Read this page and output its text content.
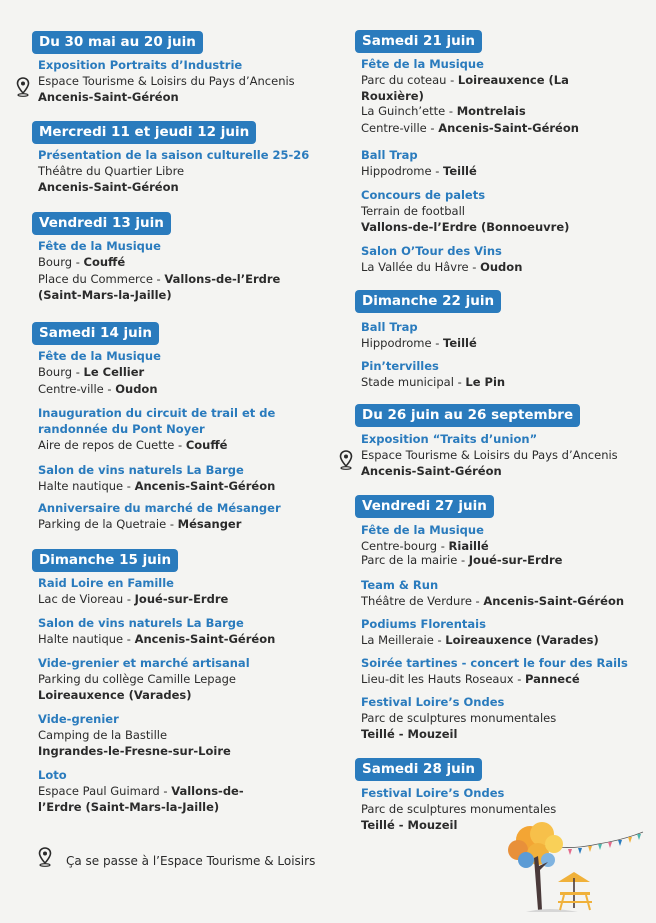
Du 30 mai au 20 juin
Exposition Portraits d’Industrie
Espace Tourisme & Loisirs du Pays d’Ancenis
Ancenis-Saint-Géréon
Mercredi 11 et jeudi 12 juin
Présentation de la saison culturelle 25-26
Théâtre du Quartier Libre
Ancenis-Saint-Géréon
Vendredi 13 juin
Fête de la Musique
Bourg - Couffé
Place du Commerce - Vallons-de-l’Erdre (Saint-Mars-la-Jaille)
Samedi 14 juin
Fête de la Musique
Bourg - Le Cellier
Centre-ville - Oudon
Inauguration du circuit de trail et de randonnée du Pont Noyer
Aire de repos de Cuette - Couffé
Salon de vins naturels La Barge
Halte nautique - Ancenis-Saint-Géréon
Anniversaire du marché de Mésanger
Parking de la Quetraie - Mésanger
Dimanche 15 juin
Raid Loire en Famille
Lac de Vioreau - Joué-sur-Erdre
Salon de vins naturels La Barge
Halte nautique - Ancenis-Saint-Géréon
Vide-grenier et marché artisanal
Parking du collège Camille Lepage
Loireauxence (Varades)
Vide-grenier
Camping de la Bastille
Ingrandes-le-Fresne-sur-Loire
Loto
Espace Paul Guimard - Vallons-de-l’Erdre (Saint-Mars-la-Jaille)
Samedi 21 juin
Fête de la Musique
Parc du coteau - Loireauxence (La Rouxière)
La Guinch’ette - Montrelais
Centre-ville - Ancenis-Saint-Géréon
Ball Trap
Hippodrome - Teillé
Concours de palets
Terrain de football
Vallons-de-l’Erdre (Bonnoeuvre)
Salon O’Tour des Vins
La Vallée du Hâvre - Oudon
Dimanche 22 juin
Ball Trap
Hippodrome - Teillé
Pin’tervilles
Stade municipal - Le Pin
Du 26 juin au 26 septembre
Exposition “Traits d’union”
Espace Tourisme & Loisirs du Pays d’Ancenis
Ancenis-Saint-Géréon
Vendredi 27 juin
Fête de la Musique
Centre-bourg - Riaillé
Parc de la mairie - Joué-sur-Erdre
Team & Run
Théâtre de Verdure - Ancenis-Saint-Géréon
Podiums Florentais
La Meilleraie - Loireauxence (Varades)
Soirée tartines - concert le four des Rails
Lieu-dit les Hauts Roseaux - Pannecé
Festival Loire’s Ondes
Parc de sculptures monumentales
Teillé - Mouzeil
Samedi 28 juin
Festival Loire’s Ondes
Parc de sculptures monumentales
Teillé - Mouzeil
Ça se passe à l’Espace Tourisme & Loisirs
